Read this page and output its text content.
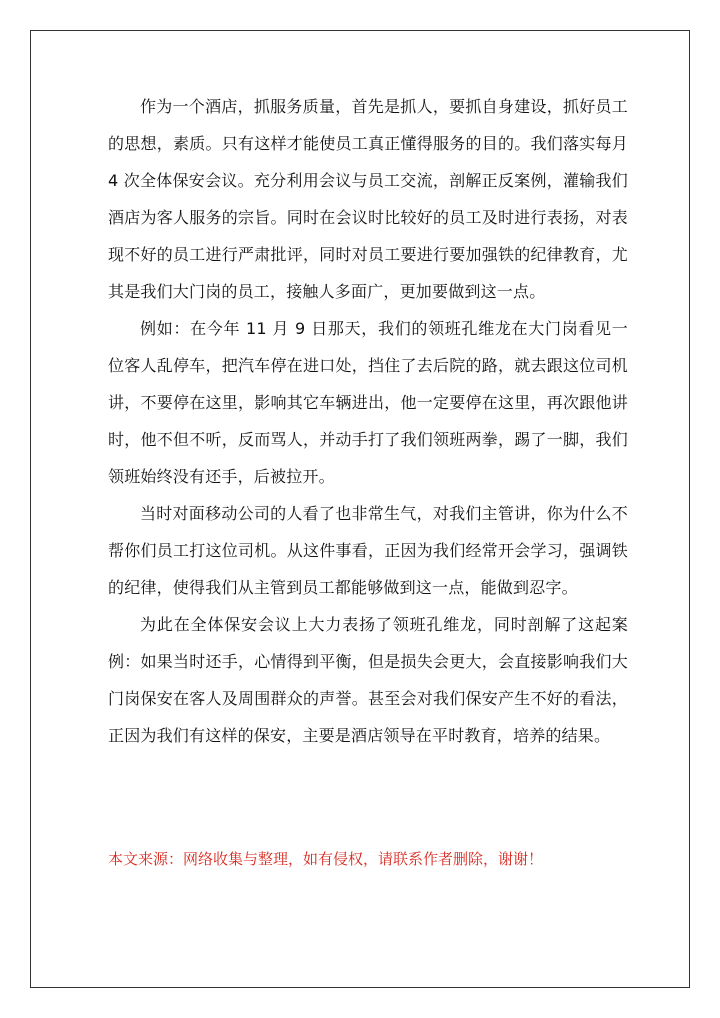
作为一个酒店，抓服务质量，首先是抓人，要抓自身建设，抓好员工的思想，素质。只有这样才能使员工真正懂得服务的目的。我们落实每月 4 次全体保安会议。充分利用会议与员工交流，剖解正反案例，灌输我们酒店为客人服务的宗旨。同时在会议时比较好的员工及时进行表扬，对表现不好的员工进行严肃批评，同时对员工要进行要加强铁的纪律教育，尤其是我们大门岗的员工，接触人多面广，更加要做到这一点。

例如：在今年 11 月 9 日那天，我们的领班孔维龙在大门岗看见一位客人乱停车，把汽车停在进口处，挡住了去后院的路，就去跟这位司机讲，不要停在这里，影响其它车辆进出，他一定要停在这里，再次跟他讲时，他不但不听，反而骂人，并动手打了我们领班两拳，踢了一脚，我们领班始终没有还手，后被拉开。

当时对面移动公司的人看了也非常生气，对我们主管讲，你为什么不帮你们员工打这位司机。从这件事看，正因为我们经常开会学习，强调铁的纪律，使得我们从主管到员工都能够做到这一点，能做到忍字。

为此在全体保安会议上大力表扬了领班孔维龙，同时剖解了这起案例：如果当时还手，心情得到平衡，但是损失会更大，会直接影响我们大门岗保安在客人及周围群众的声誉。甚至会对我们保安产生不好的看法，正因为我们有这样的保安，主要是酒店领导在平时教育，培养的结果。

本文来源：网络收集与整理，如有侵权，请联系作者删除，谢谢！
